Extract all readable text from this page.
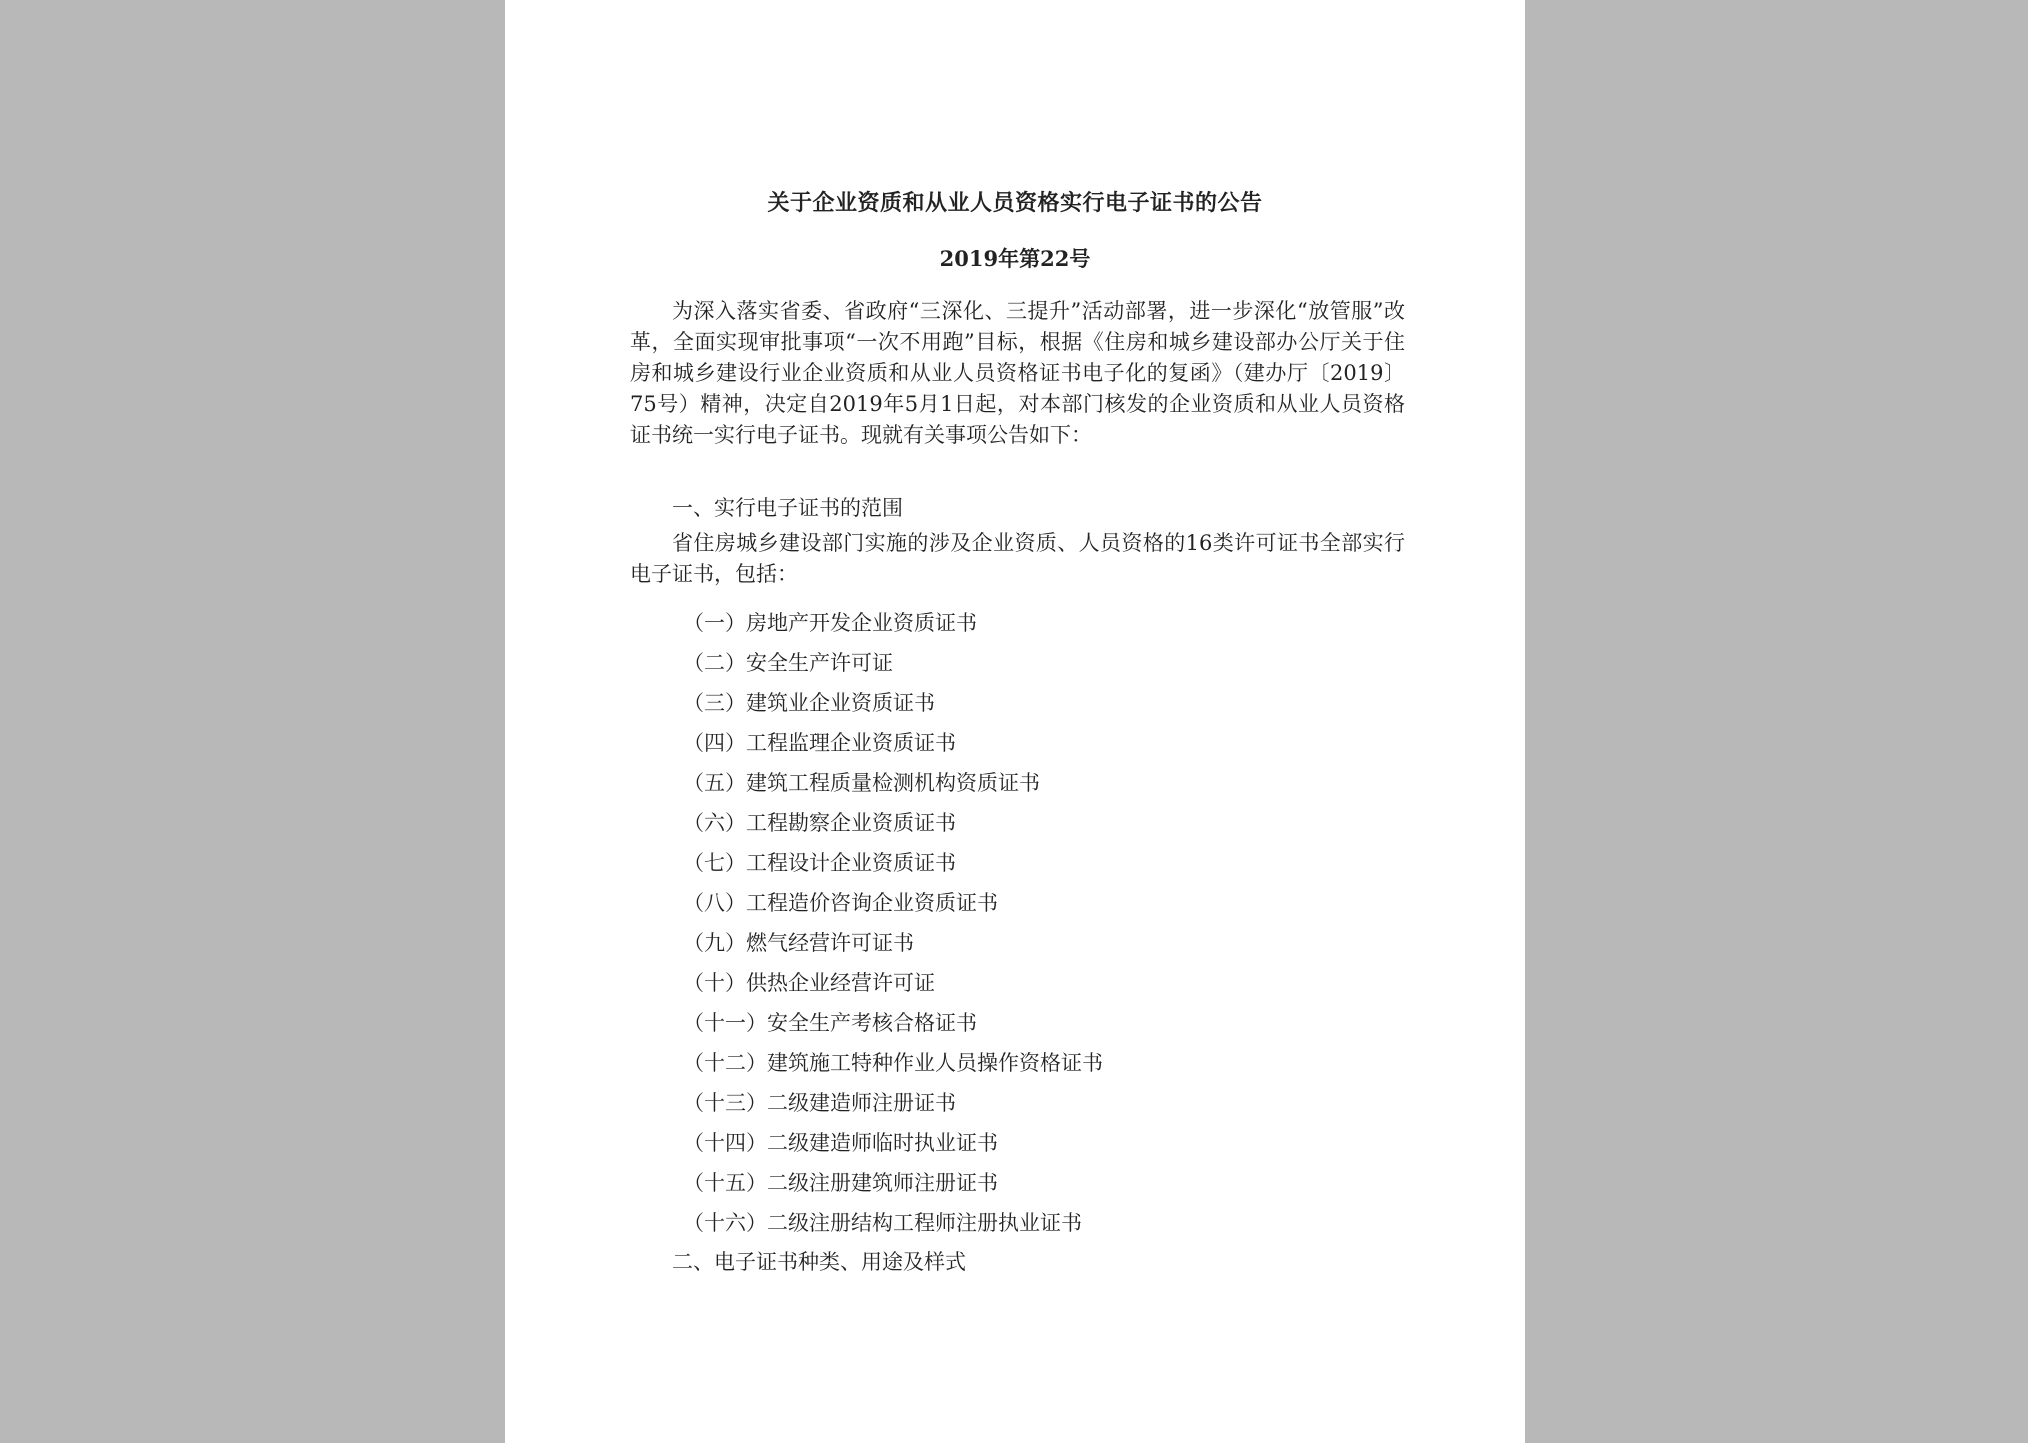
关于企业资质和从业人员资格实行电子证书的公告
2019年第22号

为深入落实省委、省政府“三深化、三提升”活动部署，进一步深化“放管服”改革，全面实现审批事项“一次不用跑”目标，根据《住房和城乡建设部办公厅关于住房和城乡建设行业企业资质和从业人员资格证书电子化的复函》（建办厅〔2019〕75号）精神，决定自2019年5月1日起，对本部门核发的企业资质和从业人员资格证书统一实行电子证书。现就有关事项公告如下：

一、实行电子证书的范围

省住房城乡建设部门实施的涉及企业资质、人员资格的16类许可证书全部实行电子证书，包括：

（一）房地产开发企业资质证书
（二）安全生产许可证
（三）建筑业企业资质证书
（四）工程监理企业资质证书
（五）建筑工程质量检测机构资质证书
（六）工程勘察企业资质证书
（七）工程设计企业资质证书
（八）工程造价咨询企业资质证书
（九）燃气经营许可证书
（十）供热企业经营许可证
（十一）安全生产考核合格证书
（十二）建筑施工特种作业人员操作资格证书
（十三）二级建造师注册证书
（十四）二级建造师临时执业证书
（十五）二级注册建筑师注册证书
（十六）二级注册结构工程师注册执业证书
二、电子证书种类、用途及样式
